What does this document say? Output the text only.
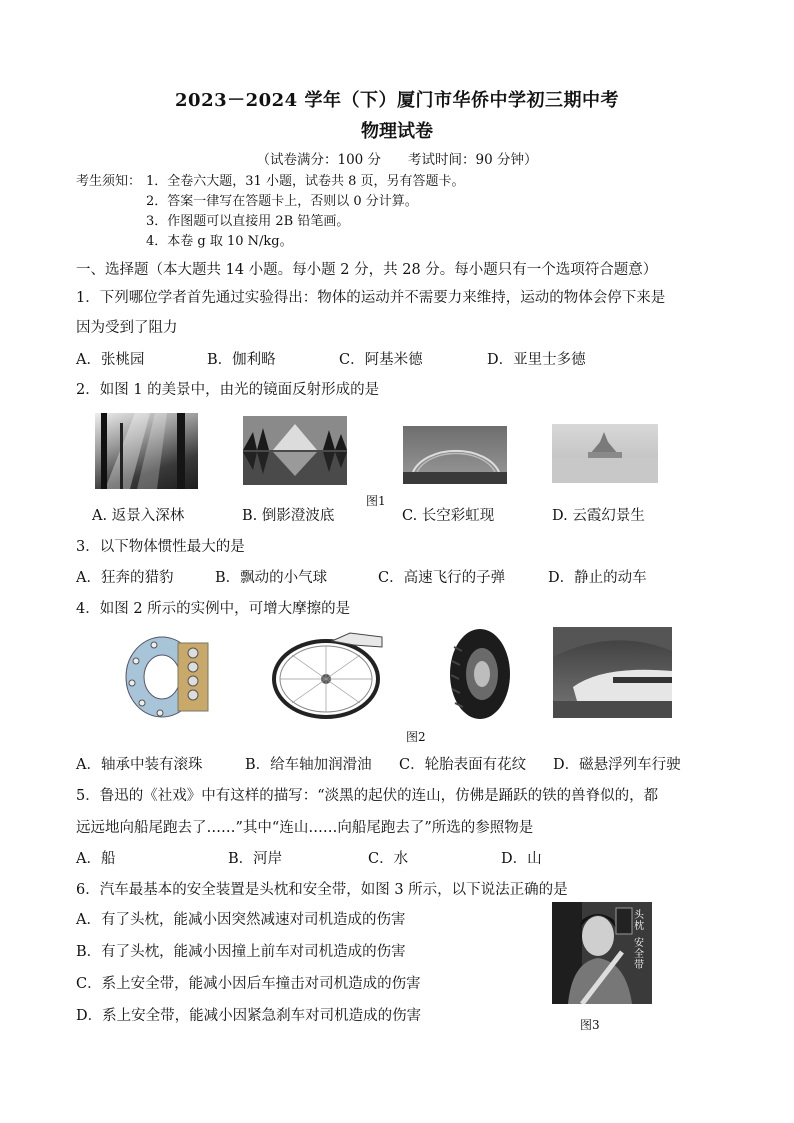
2023－2024 学年（下）厦门市华侨中学初三期中考
物理试卷
（试卷满分：100 分　　考试时间：90 分钟）
考生须知： 1．全卷六大题，31 小题，试卷共 8 页，另有答题卡。
2．答案一律写在答题卡上，否则以 0 分计算。
3．作图题可以直接用 2B 铅笔画。
4．本卷 g 取 10 N/kg。
一、选择题（本大题共 14 小题。每小题 2 分，共 28 分。每小题只有一个选项符合题意）
1．下列哪位学者首先通过实验得出：物体的运动并不需要力来维持，运动的物体会停下来是
因为受到了阻力
A．张桃园	B．伽利略	C．阿基米德	D．亚里士多德
2．如图 1 的美景中，由光的镜面反射形成的是
图1
A. 返景入深林	B. 倒影澄波底	C. 长空彩虹现	D. 云霞幻景生
3．以下物体惯性最大的是
A．狂奔的猎豹	B．飘动的小气球	C．高速飞行的子弹	D．静止的动车
4．如图 2 所示的实例中，可增大摩擦的是
图2
A．轴承中装有滚珠	B．给车轴加润滑油 C．轮胎表面有花纹 D．磁悬浮列车行驶
5．鲁迅的《社戏》中有这样的描写：“淡黑的起伏的连山，仿佛是踊跃的铁的兽脊似的，都
远远地向船尾跑去了……”其中“连山……向船尾跑去了”所选的参照物是
A．船	B．河岸	C．水	D．山
6．汽车最基本的安全装置是头枕和安全带，如图 3 所示，以下说法正确的是
A．有了头枕，能减小因突然减速对司机造成的伤害
B．有了头枕，能减小因撞上前车对司机造成的伤害
C．系上安全带，能减小因后车撞击对司机造成的伤害
D．系上安全带，能减小因紧急刹车对司机造成的伤害
头枕
安全带
图3
